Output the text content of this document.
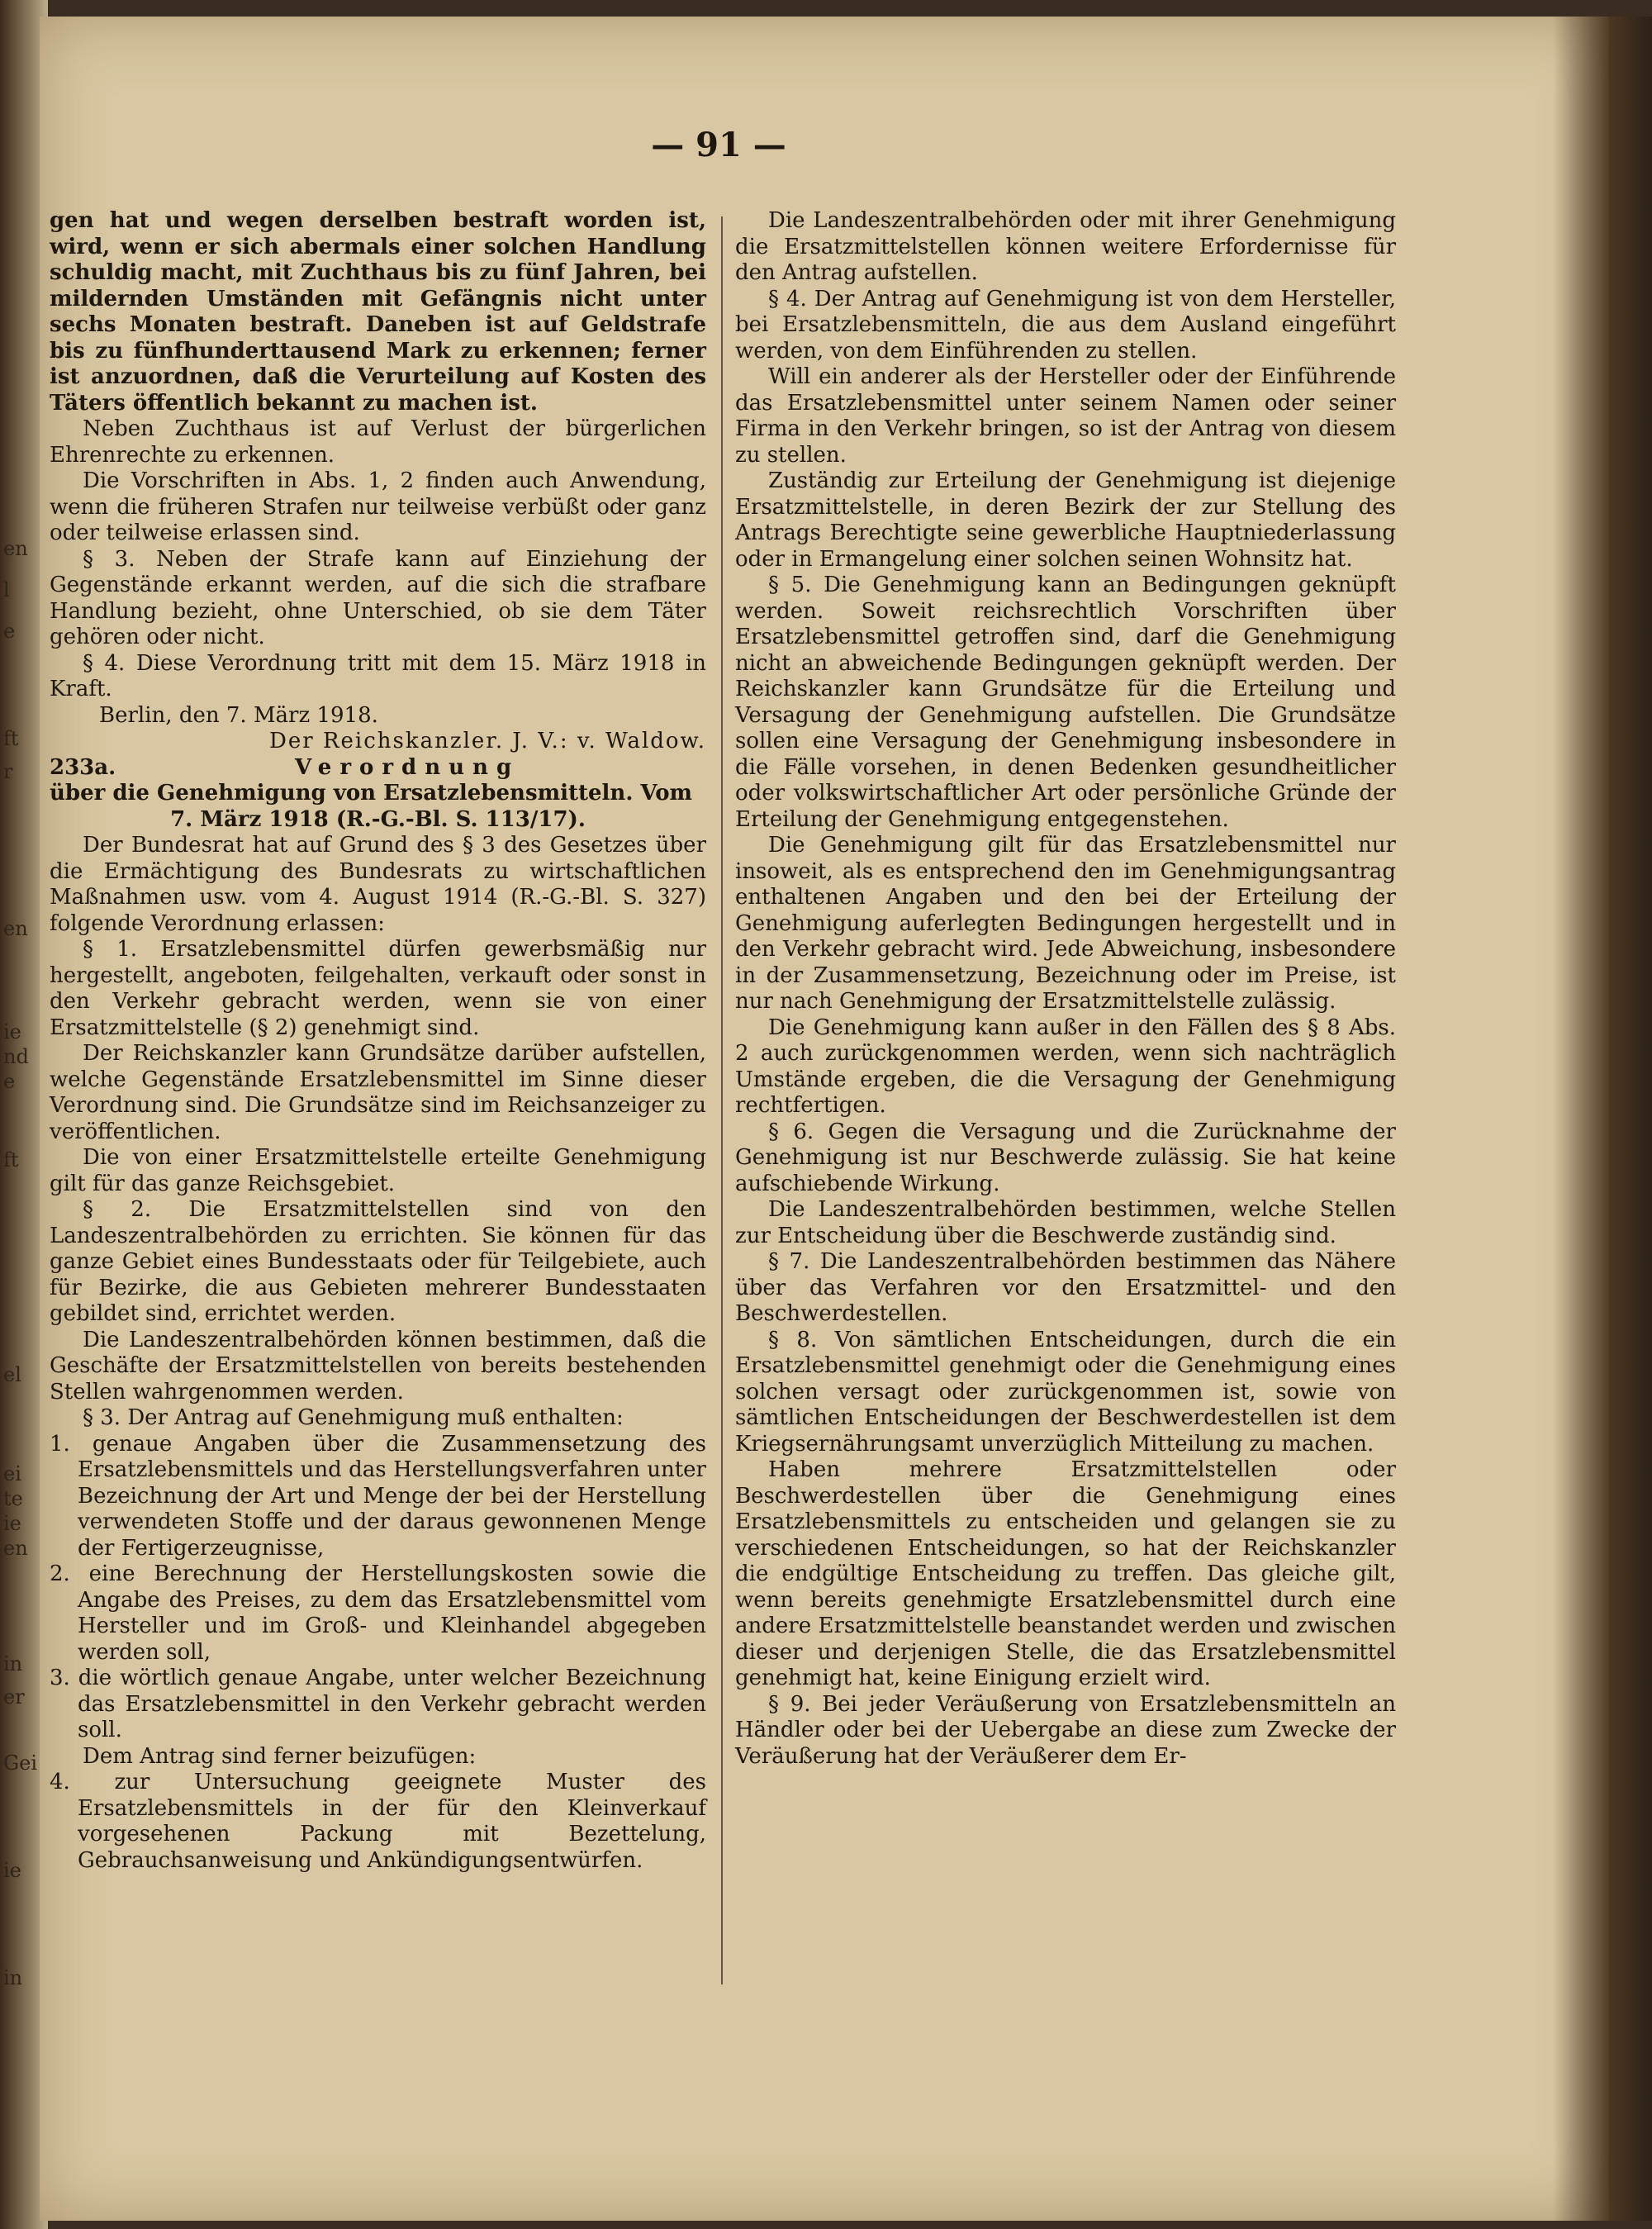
l
en
e
ft
r
en
ie
nd
e
ft
el
ei
te
ie
en
in
er
Gei
ie
in
— 91 —

gen hat und wegen derselben bestraft worden ist, wird, wenn er sich abermals einer solchen Handlung schuldig macht, mit Zuchthaus bis zu fünf Jahren, bei mildernden Umständen mit Gefängnis nicht unter sechs Monaten bestraft. Daneben ist auf Geldstrafe bis zu fünfhunderttausend Mark zu erkennen; ferner ist anzuordnen, daß die Verurteilung auf Kosten des Täters öffentlich bekannt zu machen ist.

Neben Zuchthaus ist auf Verlust der bürgerlichen Ehrenrechte zu erkennen.

Die Vorschriften in Abs. 1, 2 finden auch Anwendung, wenn die früheren Strafen nur teilweise verbüßt oder ganz oder teilweise erlassen sind.

§ 3. Neben der Strafe kann auf Einziehung der Gegenstände erkannt werden, auf die sich die strafbare Handlung bezieht, ohne Unterschied, ob sie dem Täter gehören oder nicht.

§ 4. Diese Verordnung tritt mit dem 15. März 1918 in Kraft.

Berlin, den 7. März 1918.

Der Reichskanzler. J. V.: v. Waldow.

233a.	Verordnung

über die Genehmigung von Ersatzlebensmitteln. Vom

7. März 1918 (R.-G.-Bl. S. 113/17).

Der Bundesrat hat auf Grund des § 3 des Gesetzes über die Ermächtigung des Bundesrats zu wirtschaftlichen Maßnahmen usw. vom 4. August 1914 (R.-G.-Bl. S. 327) folgende Verordnung erlassen:

§ 1. Ersatzlebensmittel dürfen gewerbsmäßig nur hergestellt, angeboten, feilgehalten, verkauft oder sonst in den Verkehr gebracht werden, wenn sie von einer Ersatzmittelstelle (§ 2) genehmigt sind.

Der Reichskanzler kann Grundsätze darüber aufstellen, welche Gegenstände Ersatzlebensmittel im Sinne dieser Verordnung sind. Die Grundsätze sind im Reichsanzeiger zu veröffentlichen.

Die von einer Ersatzmittelstelle erteilte Genehmigung gilt für das ganze Reichsgebiet.

§ 2. Die Ersatzmittelstellen sind von den Landeszentralbehörden zu errichten. Sie können für das ganze Gebiet eines Bundesstaats oder für Teilgebiete, auch für Bezirke, die aus Gebieten mehrerer Bundesstaaten gebildet sind, errichtet werden.

Die Landeszentralbehörden können bestimmen, daß die Geschäfte der Ersatzmittelstellen von bereits bestehenden Stellen wahrgenommen werden.

§ 3. Der Antrag auf Genehmigung muß enthalten:

1. genaue Angaben über die Zusammensetzung des Ersatzlebensmittels und das Herstellungsverfahren unter Bezeichnung der Art und Menge der bei der Herstellung verwendeten Stoffe und der daraus gewonnenen Menge der Fertigerzeugnisse,

2. eine Berechnung der Herstellungskosten sowie die Angabe des Preises, zu dem das Ersatzlebensmittel vom Hersteller und im Groß- und Kleinhandel abgegeben werden soll,

3. die wörtlich genaue Angabe, unter welcher Bezeichnung das Ersatzlebensmittel in den Verkehr gebracht werden soll.

Dem Antrag sind ferner beizufügen:

4. zur Untersuchung geeignete Muster des Ersatzlebensmittels in der für den Kleinverkauf vorgesehenen Packung mit Bezettelung, Gebrauchsanweisung und Ankündigungsentwürfen.

Die Landeszentralbehörden oder mit ihrer Genehmigung die Ersatzmittelstellen können weitere Erfordernisse für den Antrag aufstellen.

§ 4. Der Antrag auf Genehmigung ist von dem Hersteller, bei Ersatzlebensmitteln, die aus dem Ausland eingeführt werden, von dem Einführenden zu stellen.

Will ein anderer als der Hersteller oder der Einführende das Ersatzlebensmittel unter seinem Namen oder seiner Firma in den Verkehr bringen, so ist der Antrag von diesem zu stellen.

Zuständig zur Erteilung der Genehmigung ist diejenige Ersatzmittelstelle, in deren Bezirk der zur Stellung des Antrags Berechtigte seine gewerbliche Hauptniederlassung oder in Ermangelung einer solchen seinen Wohnsitz hat.

§ 5. Die Genehmigung kann an Bedingungen geknüpft werden. Soweit reichsrechtlich Vorschriften über Ersatzlebensmittel getroffen sind, darf die Genehmigung nicht an abweichende Bedingungen geknüpft werden. Der Reichskanzler kann Grundsätze für die Erteilung und Versagung der Genehmigung aufstellen. Die Grundsätze sollen eine Versagung der Genehmigung insbesondere in die Fälle vorsehen, in denen Bedenken gesundheitlicher oder volkswirtschaftlicher Art oder persönliche Gründe der Erteilung der Genehmigung entgegenstehen.

Die Genehmigung gilt für das Ersatzlebensmittel nur insoweit, als es entsprechend den im Genehmigungsantrag enthaltenen Angaben und den bei der Erteilung der Genehmigung auferlegten Bedingungen hergestellt und in den Verkehr gebracht wird. Jede Abweichung, insbesondere in der Zusammensetzung, Bezeichnung oder im Preise, ist nur nach Genehmigung der Ersatzmittelstelle zulässig.

Die Genehmigung kann außer in den Fällen des § 8 Abs. 2 auch zurückgenommen werden, wenn sich nachträglich Umstände ergeben, die die Versagung der Genehmigung rechtfertigen.

§ 6. Gegen die Versagung und die Zurücknahme der Genehmigung ist nur Beschwerde zulässig. Sie hat keine aufschiebende Wirkung.

Die Landeszentralbehörden bestimmen, welche Stellen zur Entscheidung über die Beschwerde zuständig sind.

§ 7. Die Landeszentralbehörden bestimmen das Nähere über das Verfahren vor den Ersatzmittel- und den Beschwerdestellen.

§ 8. Von sämtlichen Entscheidungen, durch die ein Ersatzlebensmittel genehmigt oder die Genehmigung eines solchen versagt oder zurückgenommen ist, sowie von sämtlichen Entscheidungen der Beschwerdestellen ist dem Kriegsernährungsamt unverzüglich Mitteilung zu machen.

Haben mehrere Ersatzmittelstellen oder Beschwerdestellen über die Genehmigung eines Ersatzlebensmittels zu entscheiden und gelangen sie zu verschiedenen Entscheidungen, so hat der Reichskanzler die endgültige Entscheidung zu treffen. Das gleiche gilt, wenn bereits genehmigte Ersatzlebensmittel durch eine andere Ersatzmittelstelle beanstandet werden und zwischen dieser und derjenigen Stelle, die das Ersatzlebensmittel genehmigt hat, keine Einigung erzielt wird.

§ 9. Bei jeder Veräußerung von Ersatzlebensmitteln an Händler oder bei der Uebergabe an diese zum Zwecke der Veräußerung hat der Veräußerer dem Er-
